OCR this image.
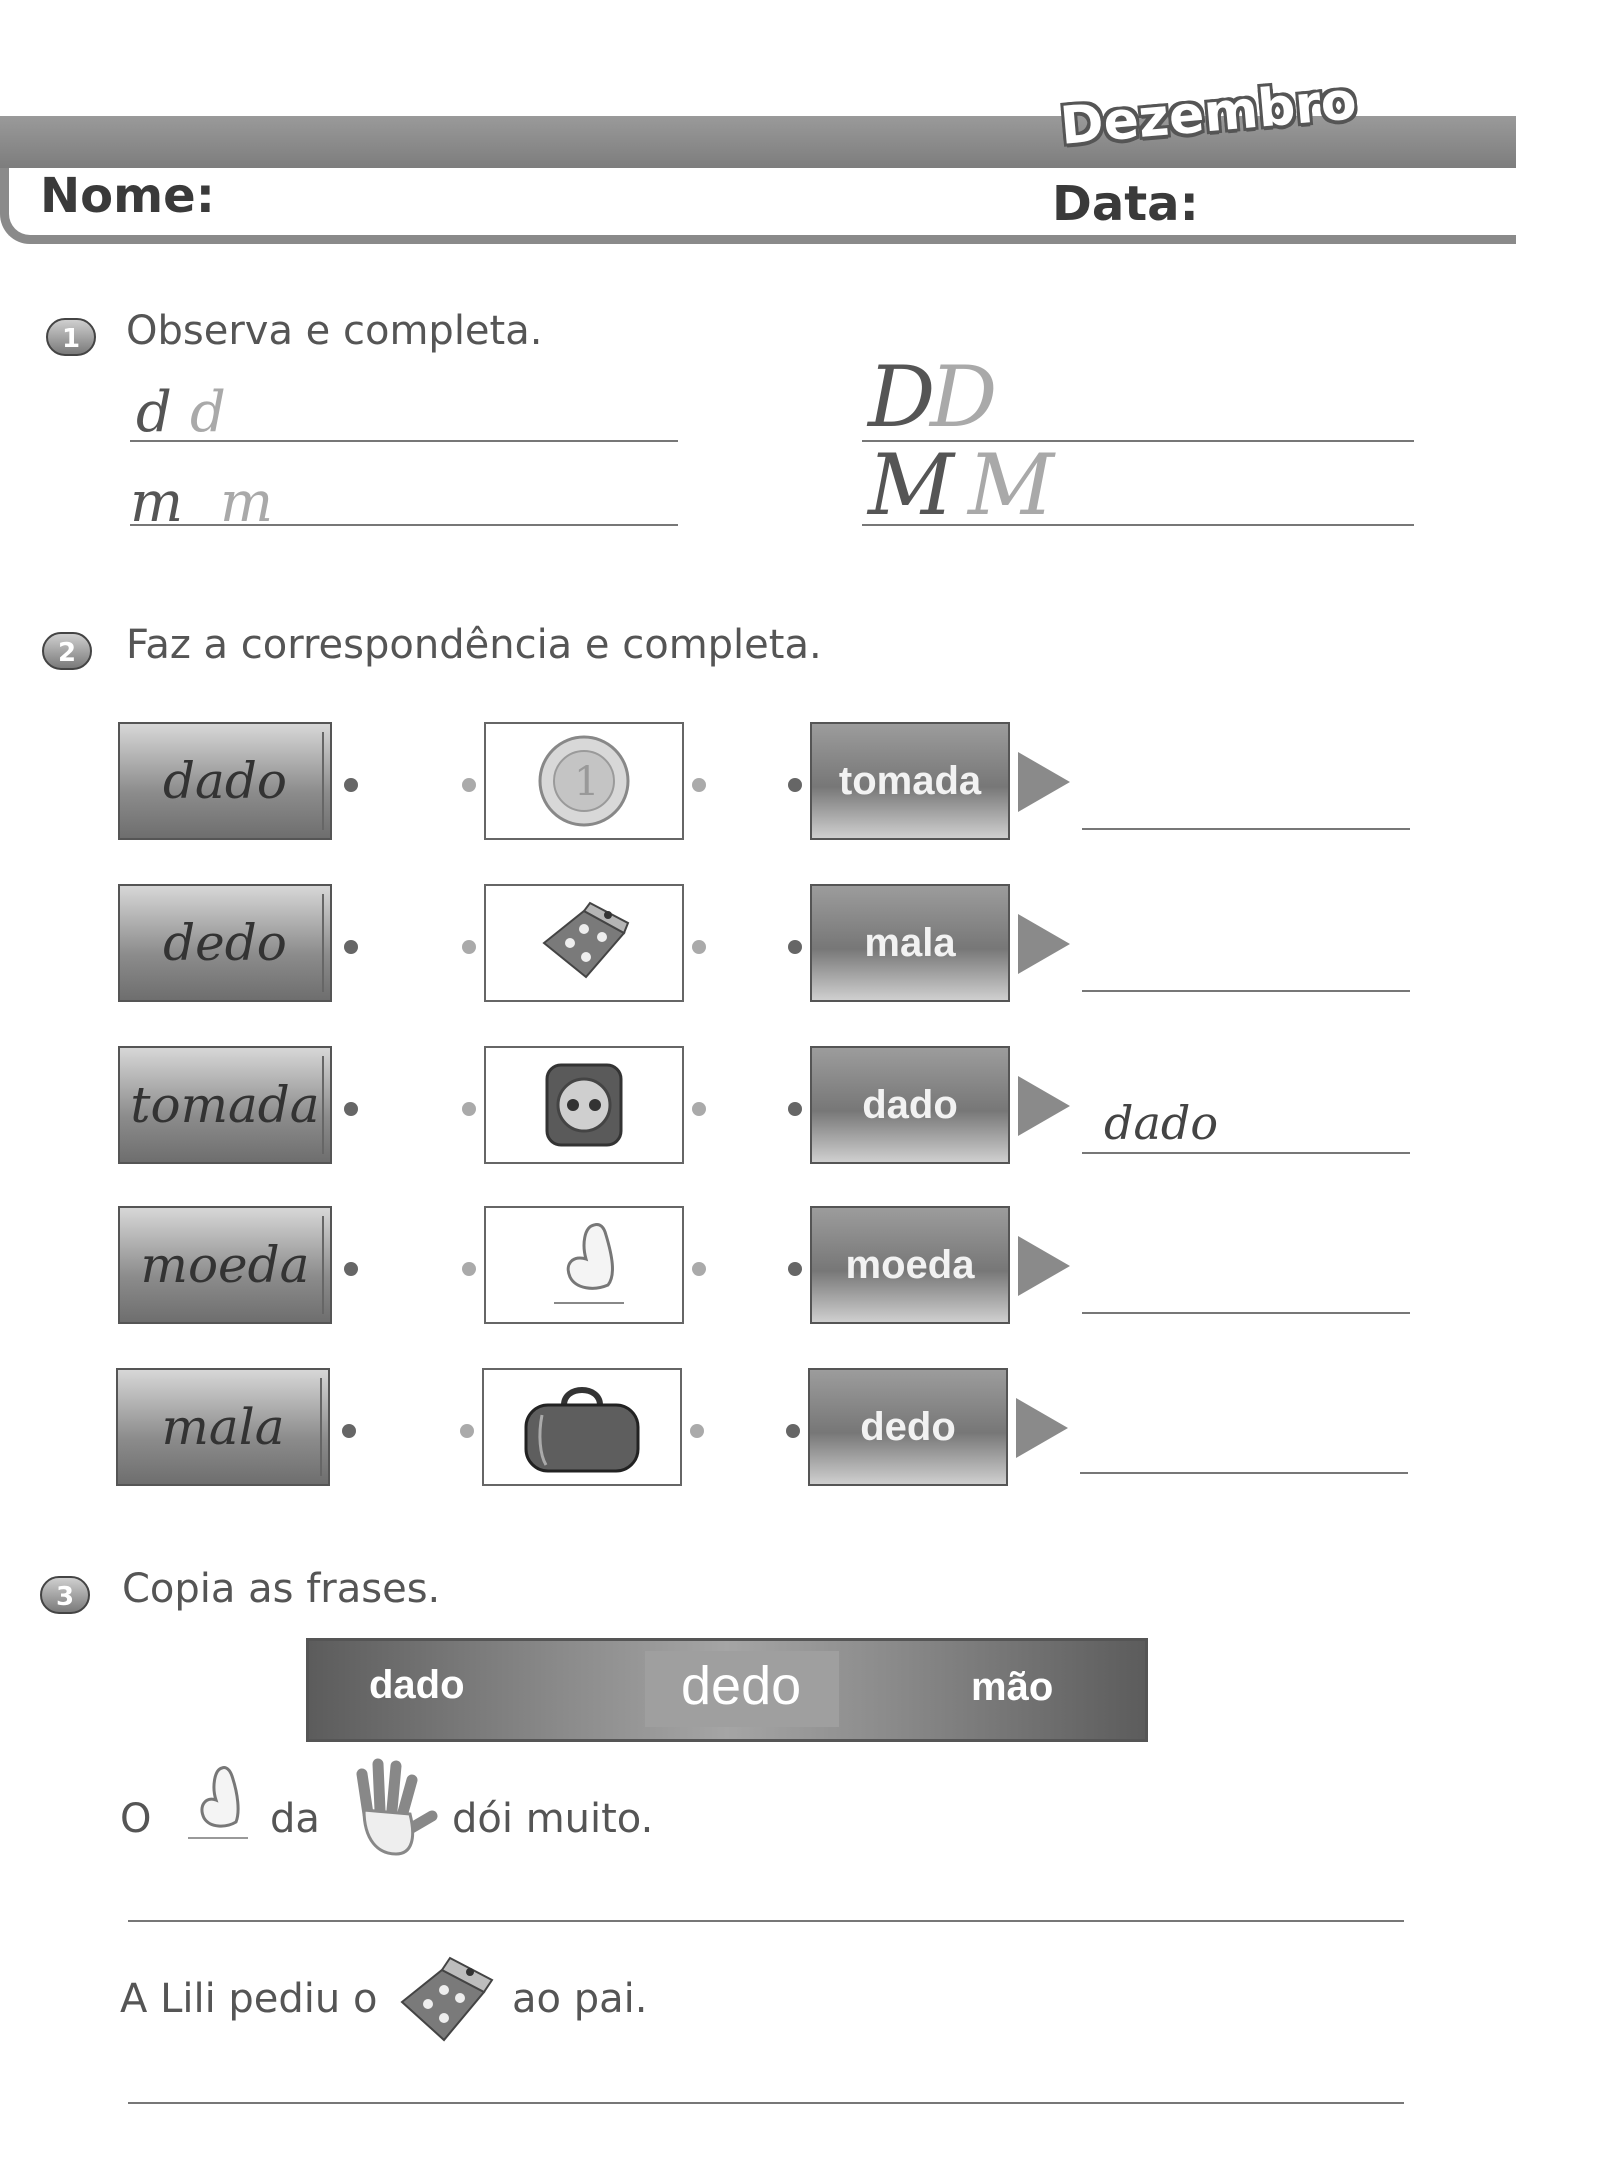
Dezembro
Nome:	Data:
1	Observa e completa.
d d
m m
D
D
M M
2	Faz a correspondência e completa.
dado	1	tomada
dedo	mala
tomada	dado	dado
moeda	moeda
mala	dedo
3	Copia as frases.
dado	dedo	mão
O	da	dói muito.
A Lili pediu o	ao pai.
